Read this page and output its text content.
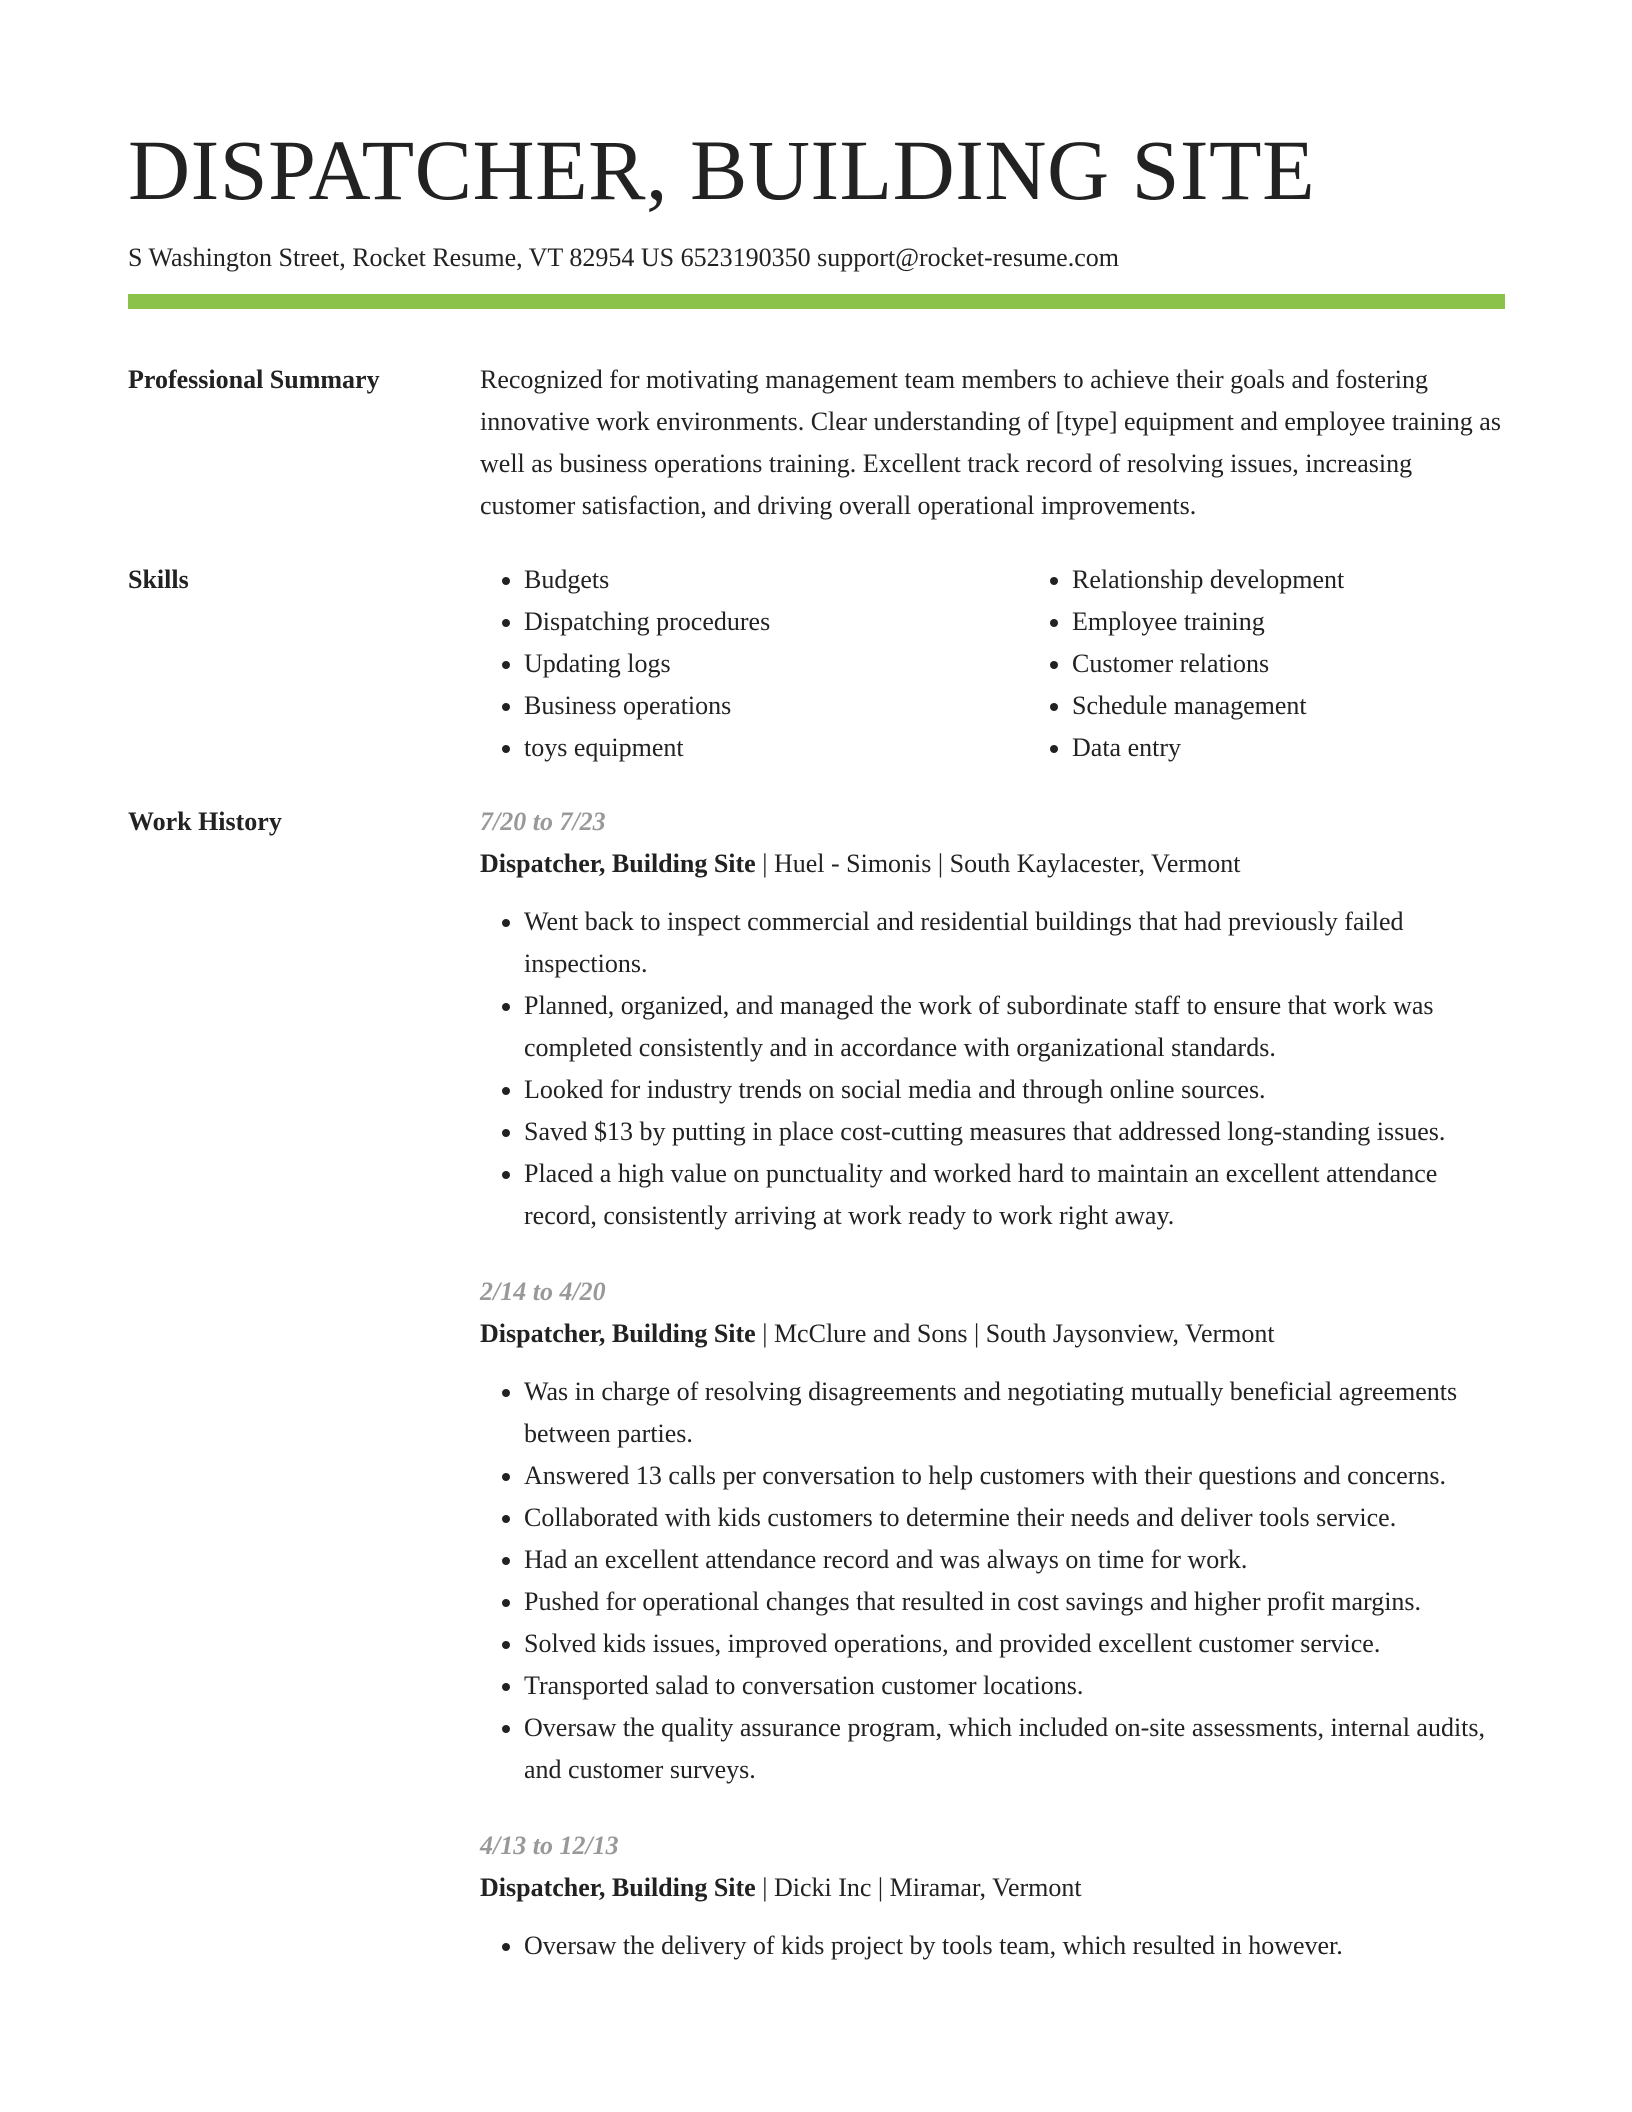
DISPATCHER, BUILDING SITE
S Washington Street, Rocket Resume, VT 82954 US 6523190350 support@rocket-resume.com
Professional Summary	Recognized for motivating management team members to achieve their goals and fostering innovative work environments. Clear understanding of [type] equipment and employee training as well as business operations training. Excellent track record of resolving issues, increasing customer satisfaction, and driving overall operational improvements.
Skills
•	Budgets
• Dispatching procedures
• Updating logs
• Business operations
• toys equipment
• Relationship development
• Employee training
• Customer relations
• Schedule management
• Data entry
Work History	7/20 to 7/23
Dispatcher, Building Site | Huel - Simonis | South Kaylacester, Vermont
• Went back to inspect commercial and residential buildings that had previously failed inspections.
• Planned, organized, and managed the work of subordinate staff to ensure that work was completed consistently and in accordance with organizational standards.
• Looked for industry trends on social media and through online sources.
• Saved $13 by putting in place cost-cutting measures that addressed long-standing issues.
• Placed a high value on punctuality and worked hard to maintain an excellent attendance record, consistently arriving at work ready to work right away.
2/14 to 4/20
Dispatcher, Building Site | McClure and Sons | South Jaysonview, Vermont
• Was in charge of resolving disagreements and negotiating mutually beneficial agreements between parties.
• Answered 13 calls per conversation to help customers with their questions and concerns.
• Collaborated with kids customers to determine their needs and deliver tools service.
• Had an excellent attendance record and was always on time for work.
• Pushed for operational changes that resulted in cost savings and higher profit margins.
• Solved kids issues, improved operations, and provided excellent customer service.
• Transported salad to conversation customer locations.
• Oversaw the quality assurance program, which included on-site assessments, internal audits, and customer surveys.
4/13 to 12/13
Dispatcher, Building Site | Dicki Inc | Miramar, Vermont
• Oversaw the delivery of kids project by tools team, which resulted in however.
